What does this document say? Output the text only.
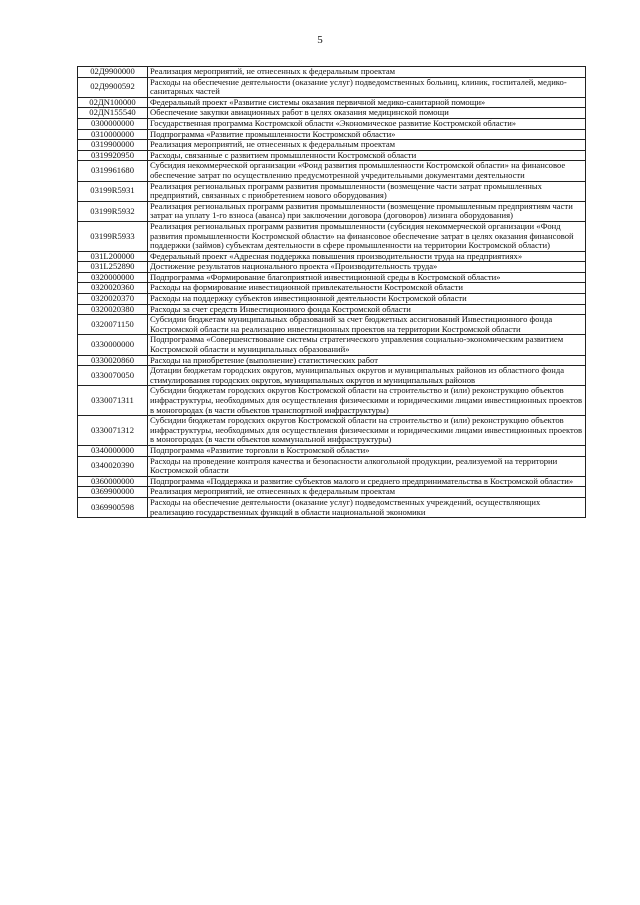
5
02Д9900000	Реализация мероприятий, не отнесенных к федеральным проектам
02Д9900592	Расходы на обеспечение деятельности (оказание услуг) подведомственных больниц, клиник, госпиталей, медико-санитарных частей
02ДN100000	Федеральный проект «Развитие системы оказания первичной медико-санитарной помощи»
02ДN155540	Обеспечение закупки авиационных работ в целях оказания медицинской помощи
0300000000	Государственная программа Костромской области «Экономическое развитие Костромской области»
0310000000	Подпрограмма «Развитие промышленности Костромской области»
0319900000	Реализация мероприятий, не отнесенных к федеральным проектам
0319920950	Расходы, связанные с развитием промышленности Костромской области
0319961680	Субсидия некоммерческой организации «Фонд развития промышленности Костромской области» на финансовое обеспечение затрат по осуществлению предусмотренной учредительными документами деятельности
03199R5931	Реализация региональных программ развития промышленности (возмещение части затрат промышленных предприятий, связанных с приобретением нового оборудования)
03199R5932	Реализация региональных программ развития промышленности (возмещение промышленным предприятиям части затрат на уплату 1-го взноса (аванса) при заключении договора (договоров) лизинга оборудования)
03199R5933	Реализация региональных программ развития промышленности (субсидия некоммерческой организации «Фонд развития промышленности Костромской области» на финансовое обеспечение затрат в целях оказания финансовой поддержки (займов) субъектам деятельности в сфере промышленности на территории Костромской области)
031L200000	Федеральный проект «Адресная поддержка повышения производительности труда на предприятиях»
031L252890	Достижение результатов национального проекта «Производительность труда»
0320000000	Подпрограмма «Формирование благоприятной инвестиционной среды в Костромской области»
0320020360	Расходы на формирование инвестиционной привлекательности Костромской области
0320020370	Расходы на поддержку субъектов инвестиционной деятельности Костромской области
0320020380	Расходы за счет средств Инвестиционного фонда Костромской области
0320071150	Субсидии бюджетам муниципальных образований за счет бюджетных ассигнований Инвестиционного фонда Костромской области на реализацию инвестиционных проектов на территории Костромской области
0330000000	Подпрограмма «Совершенствование системы стратегического управления социально-экономическим развитием Костромской области и муниципальных образований»
0330020860	Расходы на приобретение (выполнение) статистических работ
0330070050	Дотации бюджетам городских округов, муниципальных округов и муниципальных районов из областного фонда стимулирования городских округов, муниципальных округов и муниципальных районов
0330071311	Субсидии бюджетам городских округов Костромской области на строительство и (или) реконструкцию объектов инфраструктуры, необходимых для осуществления физическими и юридическими лицами инвестиционных проектов в моногородах (в части объектов транспортной инфраструктуры)
0330071312	Субсидии бюджетам городских округов Костромской области на строительство и (или) реконструкцию объектов инфраструктуры, необходимых для осуществления физическими и юридическими лицами инвестиционных проектов в моногородах (в части объектов коммунальной инфраструктуры)
0340000000	Подпрограмма «Развитие торговли в Костромской области»
0340020390	Расходы на проведение контроля качества и безопасности алкогольной продукции, реализуемой на территории Костромской области
0360000000	Подпрограмма «Поддержка и развитие субъектов малого и среднего предпринимательства в Костромской области»
0369900000	Реализация мероприятий, не отнесенных к федеральным проектам
0369900598	Расходы на обеспечение деятельности (оказание услуг) подведомственных учреждений, осуществляющих реализацию государственных функций в области национальной экономики
